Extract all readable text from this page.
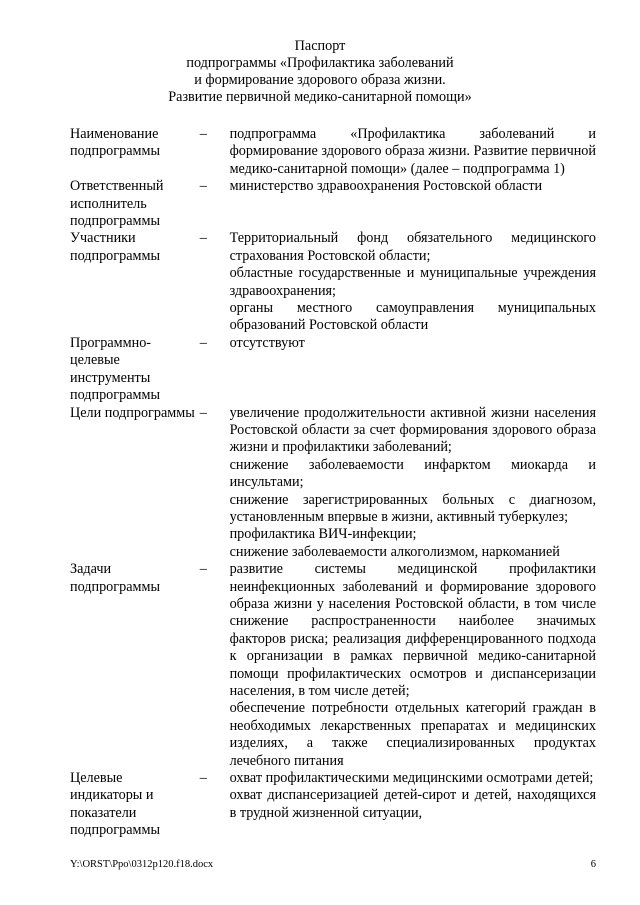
Паспорт
подпрограммы «Профилактика заболеваний
и формирование здорового образа жизни.
Развитие первичной медико-санитарной помощи»
Наименование подпрограммы	–	подпрограмма «Профилактика заболеваний и формирование здорового образа жизни. Развитие первичной медико-санитарной помощи» (далее – подпрограмма 1)

Ответственный исполнитель подпрограммы	–	министерство здравоохранения Ростовской области

Участники подпрограммы	–	Территориальный фонд обязательного медицинского страхования Ростовской области;

областные государственные и муниципальные учреждения здравоохранения;

органы местного самоуправления муниципальных образований Ростовской области

Программно-целевые инструменты подпрограммы	–	отсутствуют

Цели подпрограммы	–	увеличение продолжительности активной жизни населения Ростовской области за счет формирования здорового образа жизни и профилактики заболеваний;

снижение заболеваемости инфарктом миокарда и инсультами;

снижение зарегистрированных больных с диагнозом, установленным впервые в жизни, активный туберкулез;

профилактика ВИЧ-инфекции;

снижение заболеваемости алкоголизмом, наркоманией

Задачи подпрограммы	–	развитие системы медицинской профилактики неинфекционных заболеваний и формирование здорового образа жизни у населения Ростовской области, в том числе снижение распространенности наиболее значимых факторов риска; реализация дифференцированного подхода к организации в рамках первичной медико-санитарной помощи профилактических осмотров и диспансеризации населения, в том числе детей;

обеспечение потребности отдельных категорий граждан в необходимых лекарственных препаратах и медицинских изделиях, а также специализированных продуктах лечебного питания

Целевые индикаторы и показатели подпрограммы	–	охват профилактическими медицинскими осмотрами детей;

охват диспансеризацией детей-сирот и детей, находящихся в трудной жизненной ситуации,

Y:\ORST\Ppo\0312p120.f18.docx	6
